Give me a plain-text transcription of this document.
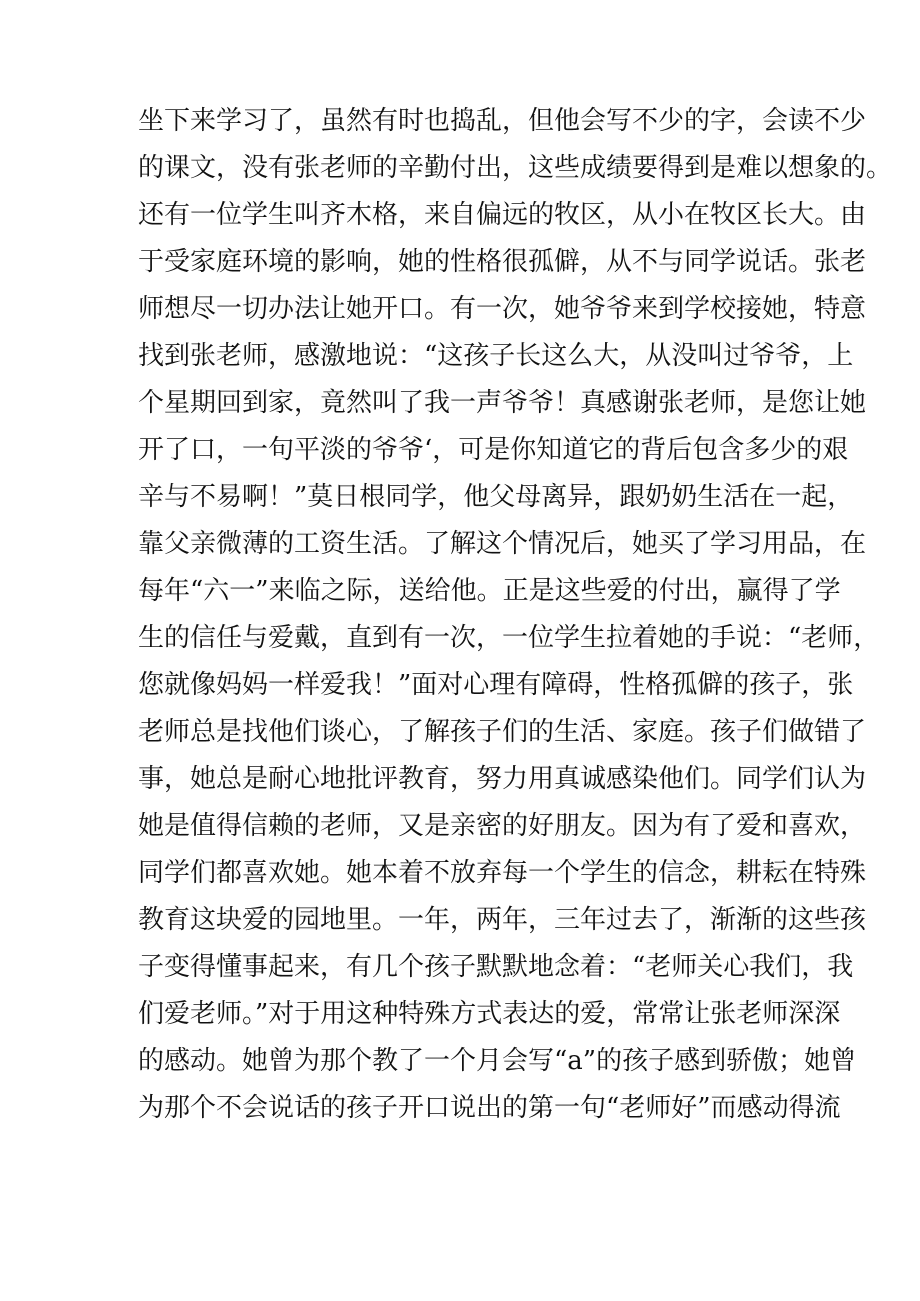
坐下来学习了，虽然有时也捣乱，但他会写不少的字，会读不少
的课文，没有张老师的辛勤付出，这些成绩要得到是难以想象的。
还有一位学生叫齐木格，来自偏远的牧区，从小在牧区长大。由
于受家庭环境的影响，她的性格很孤僻，从不与同学说话。张老
师想尽一切办法让她开口。有一次，她爷爷来到学校接她，特意
找到张老师，感激地说：“这孩子长这么大，从没叫过爷爷，上
个星期回到家，竟然叫了我一声爷爷！真感谢张老师，是您让她
开了口，一句平淡的爷爷‘，可是你知道它的背后包含多少的艰
辛与不易啊！”莫日根同学，他父母离异，跟奶奶生活在一起，
靠父亲微薄的工资生活。了解这个情况后，她买了学习用品，在
每年“六一”来临之际，送给他。正是这些爱的付出，赢得了学
生的信任与爱戴，直到有一次，一位学生拉着她的手说：“老师，
您就像妈妈一样爱我！”面对心理有障碍，性格孤僻的孩子，张
老师总是找他们谈心，了解孩子们的生活、家庭。孩子们做错了
事，她总是耐心地批评教育，努力用真诚感染他们。同学们认为
她是值得信赖的老师，又是亲密的好朋友。因为有了爱和喜欢，
同学们都喜欢她。她本着不放弃每一个学生的信念，耕耘在特殊
教育这块爱的园地里。一年，两年，三年过去了，渐渐的这些孩
子变得懂事起来，有几个孩子默默地念着：“老师关心我们，我
们爱老师。”对于用这种特殊方式表达的爱，常常让张老师深深
的感动。她曾为那个教了一个月会写“a”的孩子感到骄傲；她曾
为那个不会说话的孩子开口说出的第一句“老师好”而感动得流
